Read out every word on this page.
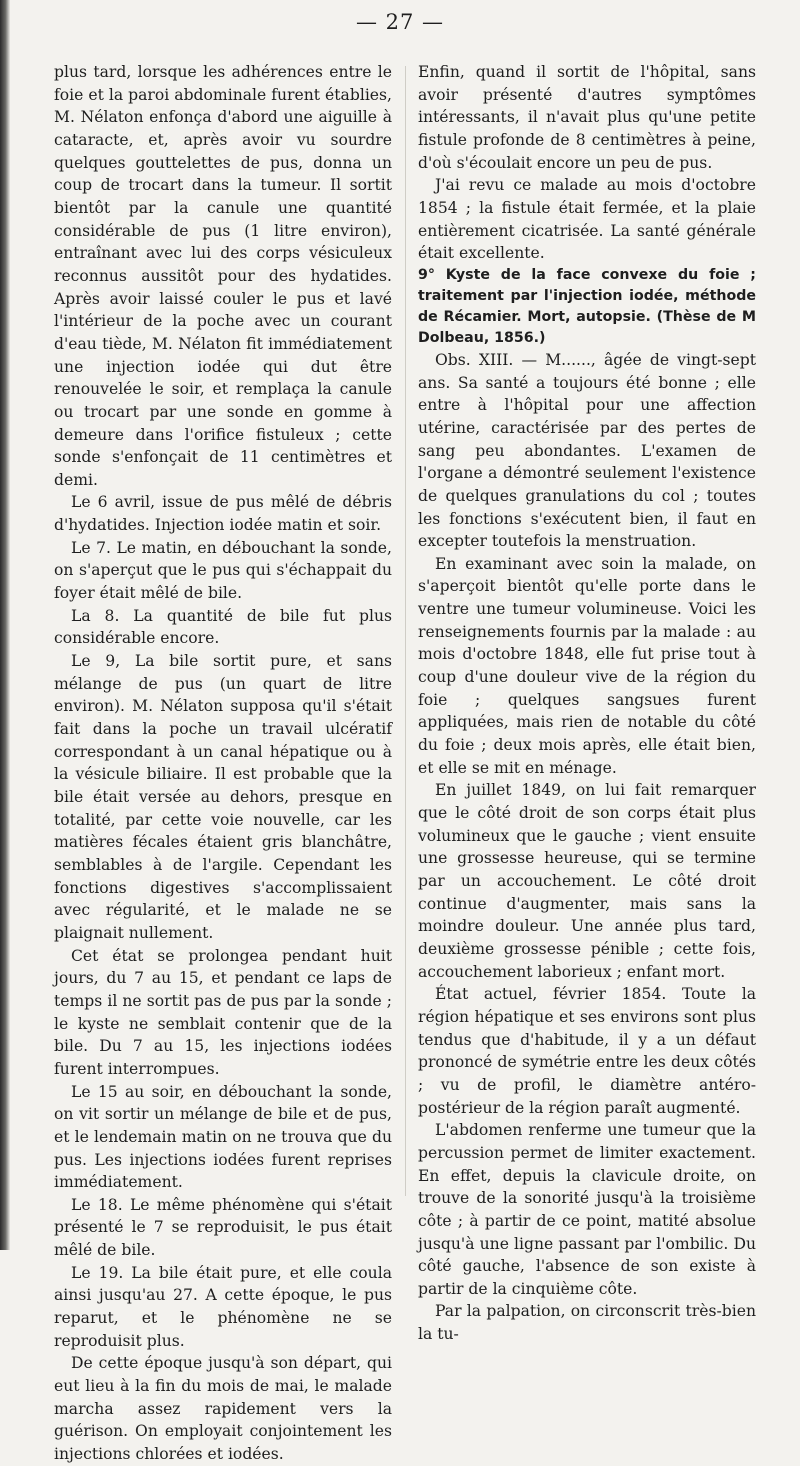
— 27 —

plus tard, lorsque les adhérences entre le foie et la paroi abdominale furent établies, M. Nélaton enfonça d'abord une aiguille à cataracte, et, après avoir vu sourdre quelques gouttelettes de pus, donna un coup de trocart dans la tumeur. Il sortit bientôt par la canule une quantité considérable de pus (1 litre environ), entraînant avec lui des corps vésiculeux reconnus aussitôt pour des hydatides. Après avoir laissé couler le pus et lavé l'intérieur de la poche avec un courant d'eau tiède, M. Nélaton fit immédiatement une injection iodée qui dut être renouvelée le soir, et remplaça la canule ou trocart par une sonde en gomme à demeure dans l'orifice fistuleux ; cette sonde s'enfonçait de 11 centimètres et demi.

Le 6 avril, issue de pus mêlé de débris d'hydatides. Injection iodée matin et soir.

Le 7. Le matin, en débouchant la sonde, on s'aperçut que le pus qui s'échappait du foyer était mêlé de bile.

La 8. La quantité de bile fut plus considérable encore.

Le 9, La bile sortit pure, et sans mélange de pus (un quart de litre environ). M. Nélaton supposa qu'il s'était fait dans la poche un travail ulcératif correspondant à un canal hépatique ou à la vésicule biliaire. Il est probable que la bile était versée au dehors, presque en totalité, par cette voie nouvelle, car les matières fécales étaient gris blanchâtre, semblables à de l'argile. Cependant les fonctions digestives s'accomplissaient avec régularité, et le malade ne se plaignait nullement.

Cet état se prolongea pendant huit jours, du 7 au 15, et pendant ce laps de temps il ne sortit pas de pus par la sonde ; le kyste ne semblait contenir que de la bile. Du 7 au 15, les injections iodées furent interrompues.

Le 15 au soir, en débouchant la sonde, on vit sortir un mélange de bile et de pus, et le lendemain matin on ne trouva que du pus. Les injections iodées furent reprises immédiatement.

Le 18. Le même phénomène qui s'était présenté le 7 se reproduisit, le pus était mêlé de bile.

Le 19. La bile était pure, et elle coula ainsi jusqu'au 27. A cette époque, le pus reparut, et le phénomène ne se reproduisit plus.

De cette époque jusqu'à son départ, qui eut lieu à la fin du mois de mai, le malade marcha assez rapidement vers la guérison. On employait conjointement les injections chlorées et iodées.

Enfin, quand il sortit de l'hôpital, sans avoir présenté d'autres symptômes intéressants, il n'avait plus qu'une petite fistule profonde de 8 centimètres à peine, d'où s'écoulait encore un peu de pus.

J'ai revu ce malade au mois d'octobre 1854 ; la fistule était fermée, et la plaie entièrement cicatrisée. La santé générale était excellente.

9° Kyste de la face convexe du foie ; traitement par l'injection iodée, méthode de Récamier. Mort, autopsie. (Thèse de M Dolbeau, 1856.)

Obs. XIII. — M......, âgée de vingt-sept ans. Sa santé a toujours été bonne ; elle entre à l'hôpital pour une affection utérine, caractérisée par des pertes de sang peu abondantes. L'examen de l'organe a démontré seulement l'existence de quelques granulations du col ; toutes les fonctions s'exécutent bien, il faut en excepter toutefois la menstruation.

En examinant avec soin la malade, on s'aperçoit bientôt qu'elle porte dans le ventre une tumeur volumineuse. Voici les renseignements fournis par la malade : au mois d'octobre 1848, elle fut prise tout à coup d'une douleur vive de la région du foie ; quelques sangsues furent appliquées, mais rien de notable du côté du foie ; deux mois après, elle était bien, et elle se mit en ménage.

En juillet 1849, on lui fait remarquer que le côté droit de son corps était plus volumineux que le gauche ; vient ensuite une grossesse heureuse, qui se termine par un accouchement. Le côté droit continue d'augmenter, mais sans la moindre douleur. Une année plus tard, deuxième grossesse pénible ; cette fois, accouchement laborieux ; enfant mort.

État actuel, février 1854. Toute la région hépatique et ses environs sont plus tendus que d'habitude, il y a un défaut prononcé de symétrie entre les deux côtés ; vu de profil, le diamètre antéro-postérieur de la région paraît augmenté.

L'abdomen renferme une tumeur que la percussion permet de limiter exactement. En effet, depuis la clavicule droite, on trouve de la sonorité jusqu'à la troisième côte ; à partir de ce point, matité absolue jusqu'à une ligne passant par l'ombilic. Du côté gauche, l'absence de son existe à partir de la cinquième côte.

Par la palpation, on circonscrit très-bien la tu-
